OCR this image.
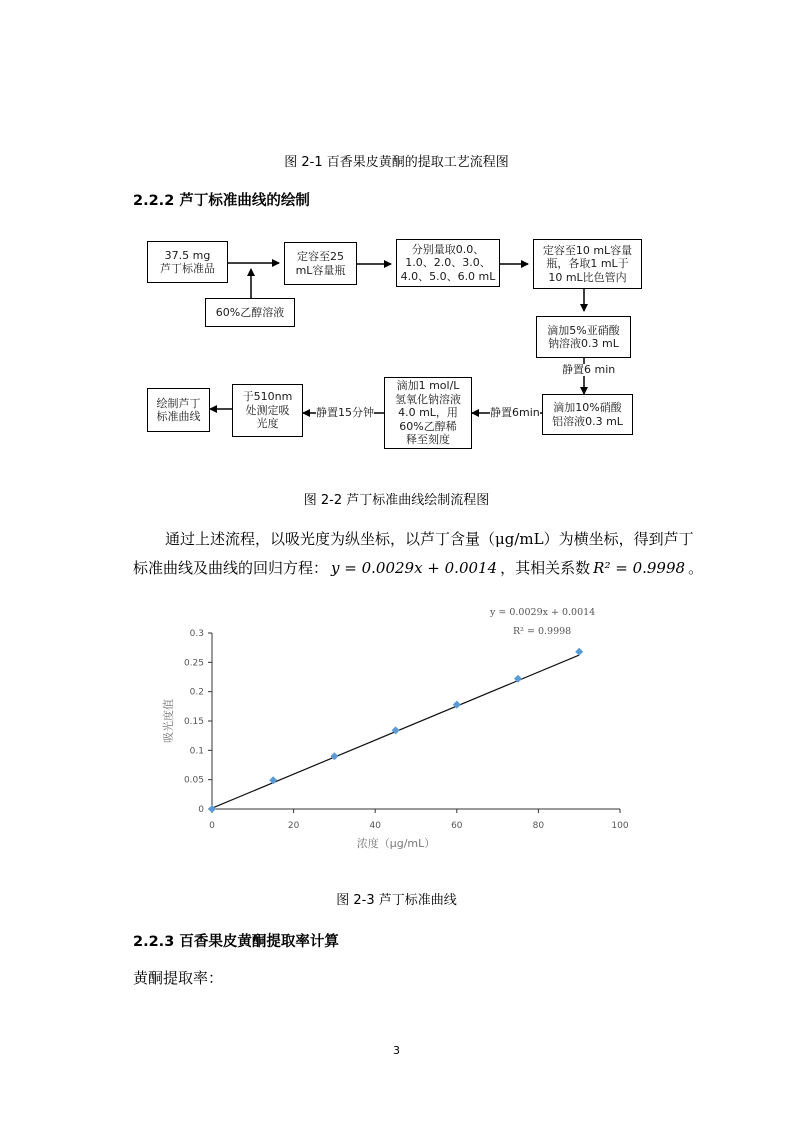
图 2-1 百香果皮黄酮的提取工艺流程图
2.2.2 芦丁标准曲线的绘制
37.5 mg
芦丁标准品
定容至25
mL容量瓶
分别量取0.0、
1.0、2.0、3.0、
4.0、5.0、6.0 mL
定容至10 mL容量
瓶，各取1 mL于
10 mL比色管内
60%乙醇溶液
滴加5%亚硝酸
钠溶液0.3 mL
静置6 min
滴加10%硝酸
铝溶液0.3 mL
静置6min
滴加1 mol/L
氢氧化钠溶液
4.0 mL，用
60%乙醇稀
释至刻度
静置15分钟
于510nm
处测定吸
光度
绘制芦丁
标准曲线
图 2-2 芦丁标准曲线绘制流程图
通过上述流程，以吸光度为纵坐标，以芦丁含量（μg/mL）为横坐标，得到芦丁
标准曲线及曲线的回归方程： y = 0.0029x + 0.0014 ，其相关系数 R² = 0.9998 。
0	20	40	60	80	100
0
0.05
0.1
0.15
0.2
0.25
0.3
浓度（μg/mL）
吸光度值
y = 0.0029x + 0.0014
R² = 0.9998
图 2-3 芦丁标准曲线
2.2.3 百香果皮黄酮提取率计算
黄酮提取率：
3
